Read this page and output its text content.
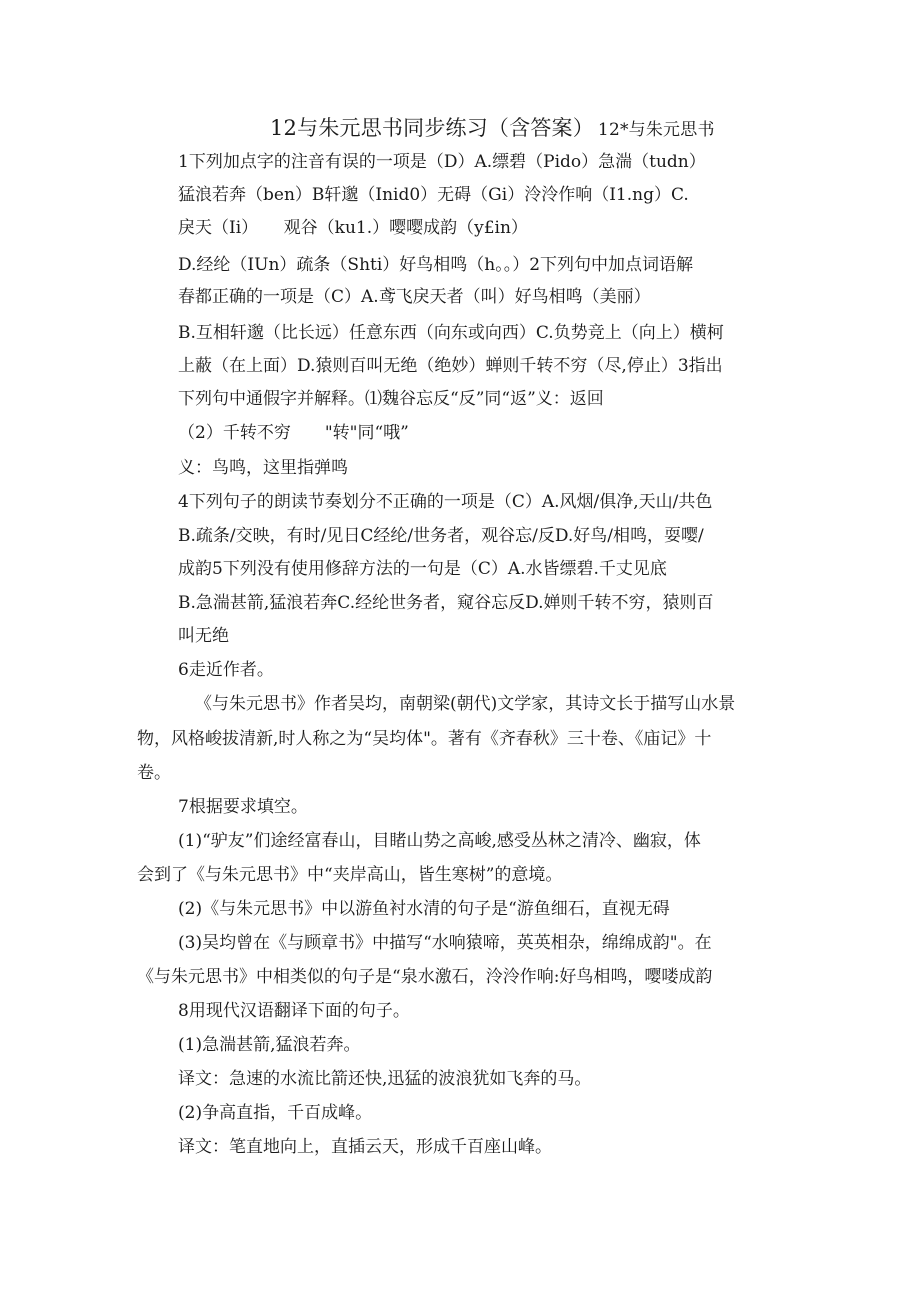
12与朱元思书同步练习（含答案） 12*与朱元思书
1下列加点字的注音有误的一项是（D）A.缥碧（Pido）急湍（tudn）
猛浪若奔（ben）B轩邈（Inid0）无碍（Gi）泠泠作响（I1.ng）C.
戾天（Ii）　　观谷（ku1.）嘤嘤成韵（y£in）
D.经纶（IUn）疏条（Shti）好鸟相鸣（h。。）2下列句中加点词语解
春都正确的一项是（C）A.鸢飞戾天者（叫）好鸟相鸣（美丽）
B.互相轩邈（比长远）任意东西（向东或向西）C.负势竞上（向上）横柯
上蔽（在上面）D.猿则百叫无绝（绝妙）蝉则千转不穷（尽,停止）3指出
下列句中通假字并解释。⑴魏谷忘反“反”同“返”义：返回
（2）千转不穷　　"转"同“哦”
义：鸟鸣，这里指弹鸣
4下列句子的朗读节奏划分不正确的一项是（C）A.风烟/俱净,天山/共色
B.疏条/交映，有时/见日C经纶/世务者，观谷忘/反D.好鸟/相鸣，耍嘤/
成韵5下列没有使用修辞方法的一句是（C）A.水皆缥碧.千丈见底
B.急湍甚箭,猛浪若奔C.经纶世务者，窥谷忘反D.婵则千转不穷，猿则百
叫无绝
6走近作者。
《与朱元思书》作者吴均，南朝梁(朝代)文学家，其诗文长于描写山水景
物，风格峻拔清新,时人称之为“吴均体"。著有《齐春秋》三十卷、《庙记》十
卷。
7根据要求填空。
(1)“驴友”们途经富春山，目睹山势之高峻,感受丛林之清冷、幽寂，体
会到了《与朱元思书》中“夹岸高山，皆生寒树”的意境。
(2)《与朱元思书》中以游鱼衬水清的句子是“游鱼细石，直视无碍
(3)吴均曾在《与顾章书》中描写“水响猿啼，英英相杂，绵绵成韵"。在
《与朱元思书》中相类似的句子是“泉水激石，泠泠作响:好鸟相鸣，嘤喽成韵
8用现代汉语翻译下面的句子。
(1)急湍甚箭,猛浪若奔。
译文：急速的水流比箭还快,迅猛的波浪犹如飞奔的马。
(2)争高直指，千百成峰。
译文：笔直地向上，直插云天，形成千百座山峰。
